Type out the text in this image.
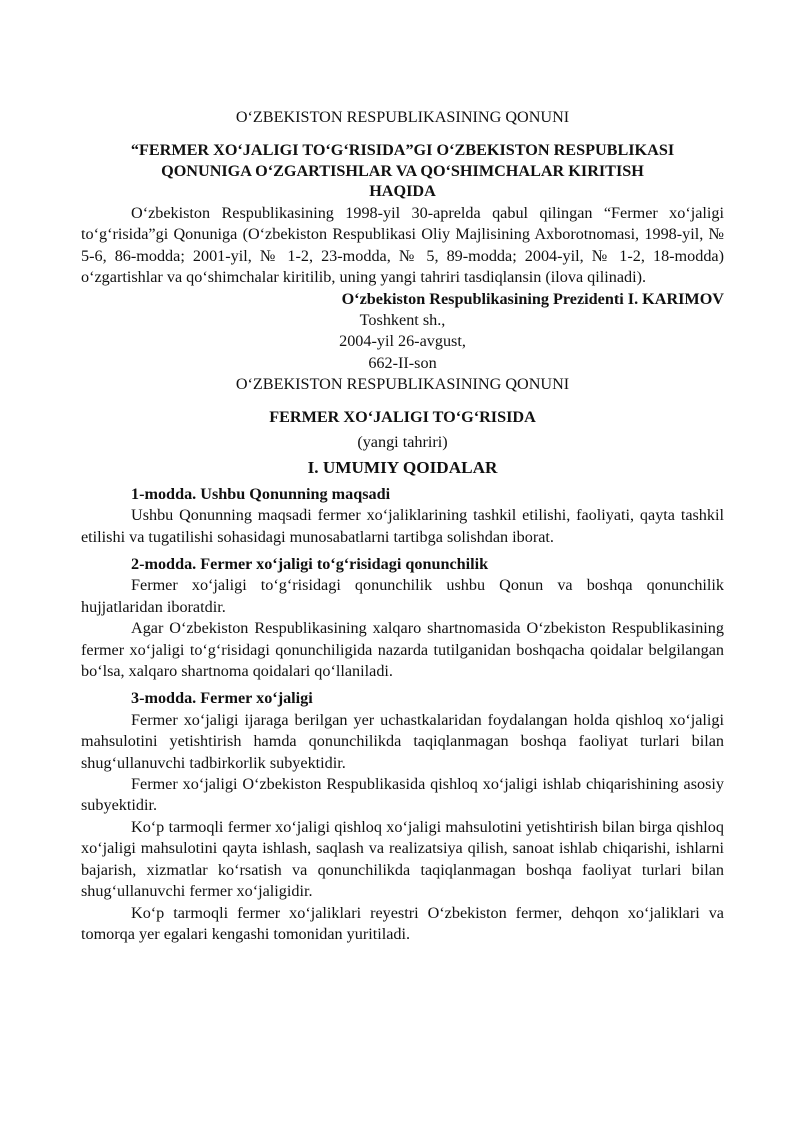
O‘ZBEKISTON RESPUBLIKASINING QONUNI
“FERMER XO‘JALIGI TO‘G‘RISIDA”GI O‘ZBEKISTON RESPUBLIKASI
QONUNIGA O‘ZGARTISHLAR VA QO‘SHIMCHALAR KIRITISH
HAQIDA

O‘zbekiston Respublikasining 1998-yil 30-aprelda qabul qilingan “Fermer xo‘jaligi to‘g‘risida”gi Qonuniga (O‘zbekiston Respublikasi Oliy Majlisining Axborotnomasi, 1998-yil, № 5-6, 86-modda; 2001-yil, № 1-2, 23-modda, № 5, 89-modda; 2004-yil, № 1-2, 18-modda) o‘zgartishlar va qo‘shimchalar kiritilib, uning yangi tahriri tasdiqlansin (ilova qilinadi).

O‘zbekiston Respublikasining Prezidenti I. KARIMOV
Toshkent sh.,
2004-yil 26-avgust,
662-II-son
O‘ZBEKISTON RESPUBLIKASINING QONUNI
FERMER XO‘JALIGI TO‘G‘RISIDA
(yangi tahriri)
I. UMUMIY QOIDALAR
1-modda. Ushbu Qonunning maqsadi

Ushbu Qonunning maqsadi fermer xo‘jaliklarining tashkil etilishi, faoliyati, qayta tashkil etilishi va tugatilishi sohasidagi munosabatlarni tartibga solishdan iborat.

2-modda. Fermer xo‘jaligi to‘g‘risidagi qonunchilik

Fermer xo‘jaligi to‘g‘risidagi qonunchilik ushbu Qonun va boshqa qonunchilik hujjatlaridan iboratdir.

Agar O‘zbekiston Respublikasining xalqaro shartnomasida O‘zbekiston Respublikasining fermer xo‘jaligi to‘g‘risidagi qonunchiligida nazarda tutilganidan boshqacha qoidalar belgilangan bo‘lsa, xalqaro shartnoma qoidalari qo‘llaniladi.

3-modda. Fermer xo‘jaligi

Fermer xo‘jaligi ijaraga berilgan yer uchastkalaridan foydalangan holda qishloq xo‘jaligi mahsulotini yetishtirish hamda qonunchilikda taqiqlanmagan boshqa faoliyat turlari bilan shug‘ullanuvchi tadbirkorlik subyektidir.

Fermer xo‘jaligi O‘zbekiston Respublikasida qishloq xo‘jaligi ishlab chiqarishining asosiy subyektidir.

Ko‘p tarmoqli fermer xo‘jaligi qishloq xo‘jaligi mahsulotini yetishtirish bilan birga qishloq xo‘jaligi mahsulotini qayta ishlash, saqlash va realizatsiya qilish, sanoat ishlab chiqarishi, ishlarni bajarish, xizmatlar ko‘rsatish va qonunchilikda taqiqlanmagan boshqa faoliyat turlari bilan shug‘ullanuvchi fermer xo‘jaligidir.

Ko‘p tarmoqli fermer xo‘jaliklari reyestri O‘zbekiston fermer, dehqon xo‘jaliklari va tomorqa yer egalari kengashi tomonidan yuritiladi.
